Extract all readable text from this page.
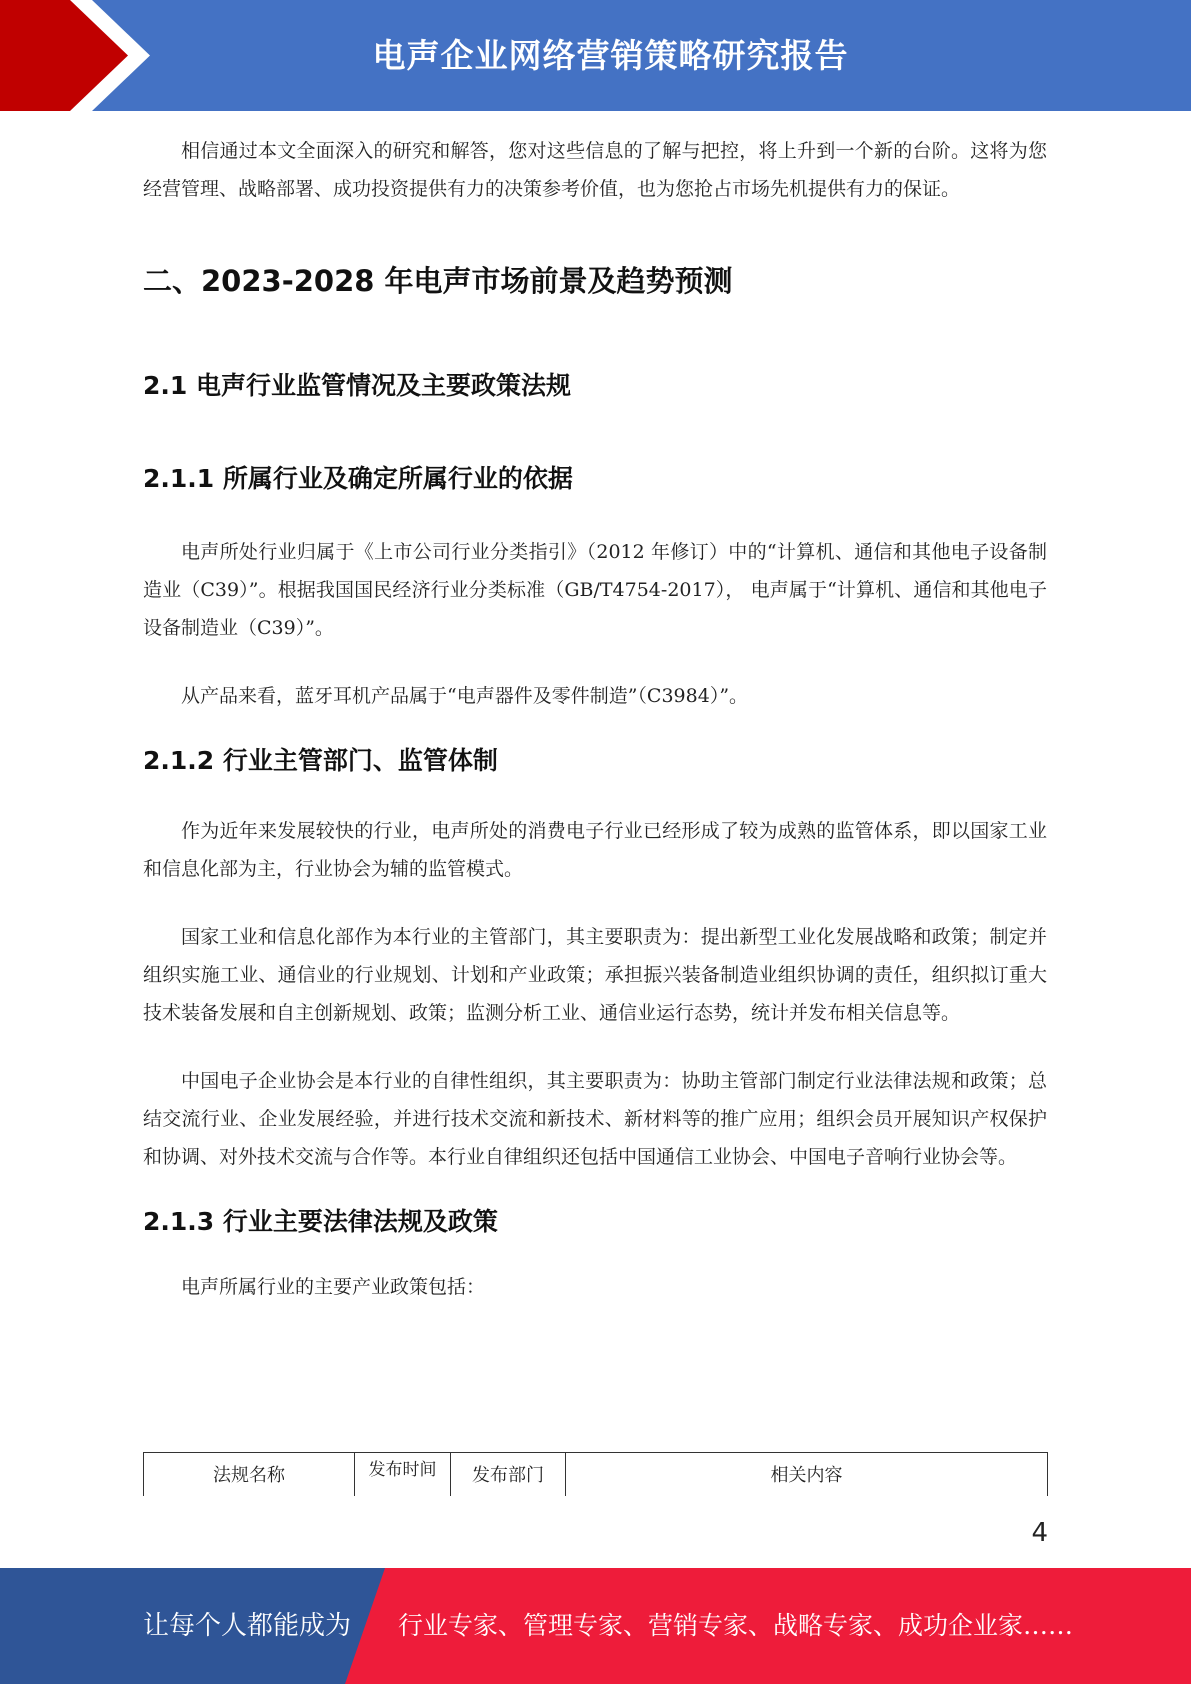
电声企业网络营销策略研究报告

相信通过本文全面深入的研究和解答，您对这些信息的了解与把控，将上升到一个新的台阶。这将为您经营管理、战略部署、成功投资提供有力的决策参考价值，也为您抢占市场先机提供有力的保证。

二、2023-2028 年电声市场前景及趋势预测
2.1 电声行业监管情况及主要政策法规
2.1.1 所属行业及确定所属行业的依据

电声所处行业归属于《上市公司行业分类指引》（2012 年修订）中的“计算机、通信和其他电子设备制造业（C39）”。根据我国国民经济行业分类标准（GB/T4754-2017）， 电声属于“计算机、通信和其他电子设备制造业（C39）”。

从产品来看，蓝牙耳机产品属于“电声器件及零件制造”（C3984）”。

2.1.2 行业主管部门、监管体制

作为近年来发展较快的行业，电声所处的消费电子行业已经形成了较为成熟的监管体系，即以国家工业和信息化部为主，行业协会为辅的监管模式。

国家工业和信息化部作为本行业的主管部门，其主要职责为：提出新型工业化发展战略和政策；制定并组织实施工业、通信业的行业规划、计划和产业政策；承担振兴装备制造业组织协调的责任，组织拟订重大技术装备发展和自主创新规划、政策；监测分析工业、通信业运行态势，统计并发布相关信息等。

中国电子企业协会是本行业的自律性组织，其主要职责为：协助主管部门制定行业法律法规和政策；总结交流行业、企业发展经验，并进行技术交流和新技术、新材料等的推广应用；组织会员开展知识产权保护和协调、对外技术交流与合作等。本行业自律组织还包括中国通信工业协会、中国电子音响行业协会等。

2.1.3 行业主要法律法规及政策

电声所属行业的主要产业政策包括：

法规名称	发布时间	发布部门	相关内容
4
让每个人都能成为 行业专家、管理专家、营销专家、战略专家、成功企业家……
